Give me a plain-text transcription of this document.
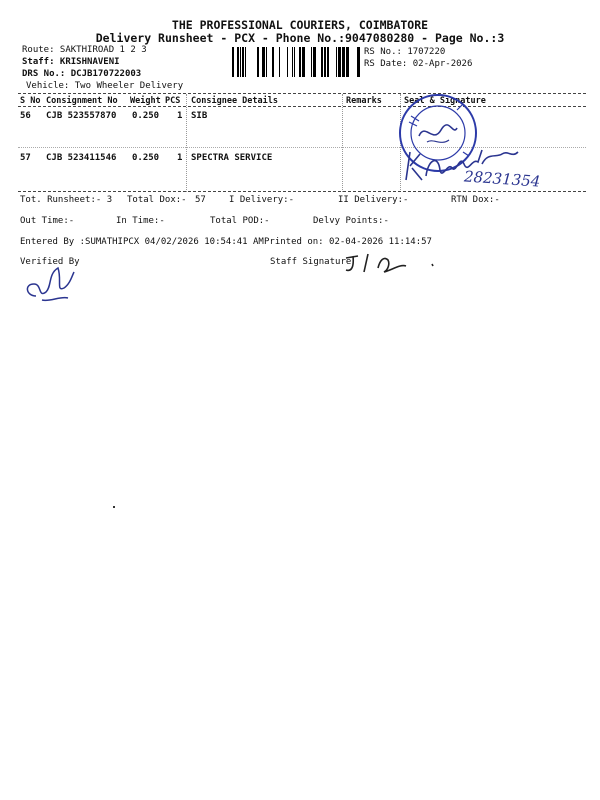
THE PROFESSIONAL COURIERS, COIMBATORE
Delivery Runsheet - PCX - Phone No.:9047080280 - Page No.:3
Route: SAKTHIROAD 1 2 3
Staff: KRISHNAVENI
DRS No.: DCJB170722003
Vehicle: Two Wheeler Delivery
RS No.: 1707220
RS Date: 02-Apr-2026
S No Consignment No Weight PCS Consignee Details	Remarks	Seal & Signature
56 CJB 523557870 0.250 1 SIB
57 CJB 523411546 0.250 1 SPECTRA SERVICE
28231354
Tot. Runsheet:- 3 Total Dox:- 57	I Delivery:-	II Delivery:-	RTN Dox:-
Out Time:-	In Time:-	Total POD:-	Delvy Points:-
Entered By :SUMATHIPCX 04/02/2026 10:54:41 AM Printed on: 02-04-2026 11:14:57
Verified By	Staff Signature
